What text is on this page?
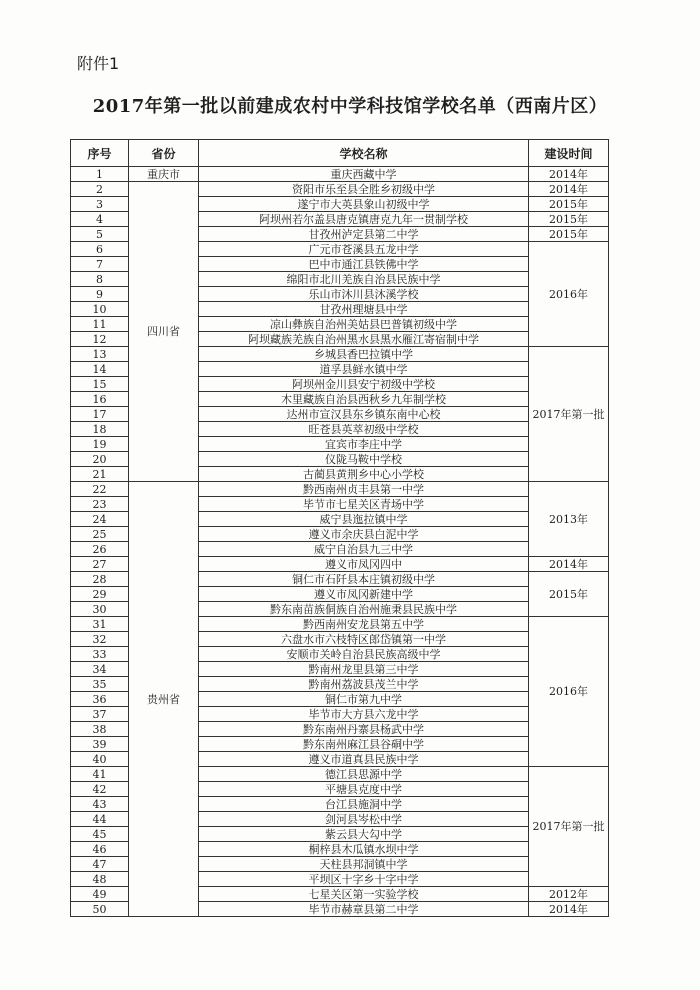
附件1
2017年第一批以前建成农村中学科技馆学校名单（西南片区）
序号	省份	学校名称	建设时间
1	重庆市	重庆西藏中学	2014年
2	四川省	资阳市乐至县全胜乡初级中学	2014年
3		遂宁市大英县象山初级中学	2015年
4		阿坝州若尔盖县唐克镇唐克九年一贯制学校	2015年
5		甘孜州泸定县第二中学	2015年
6		广元市苍溪县五龙中学	2016年
7		巴中市通江县铁佛中学	
8		绵阳市北川羌族自治县民族中学	
9		乐山市沐川县沐溪学校	
10		甘孜州理塘县中学	
11		凉山彝族自治州美姑县巴普镇初级中学	
12		阿坝藏族羌族自治州黑水县黑水雁江寄宿制中学	
13		乡城县香巴拉镇中学	2017年第一批
14		道孚县鲜水镇中学	
15		阿坝州金川县安宁初级中学校	
16		木里藏族自治县西秋乡九年制学校	
17		达州市宣汉县东乡镇东南中心校	
18		旺苍县英萃初级中学校	
19		宜宾市李庄中学	
20		仪陇马鞍中学校	
21		古蔺县黄荆乡中心小学校	
22	贵州省	黔西南州贞丰县第一中学	2013年
23		毕节市七星关区青场中学	
24		威宁县迤拉镇中学	
25		遵义市余庆县白泥中学	
26		威宁自治县九三中学	
27		遵义市凤冈四中	2014年
28		铜仁市石阡县本庄镇初级中学	2015年
29		遵义市凤冈新建中学	
30		黔东南苗族侗族自治州施秉县民族中学	
31		黔西南州安龙县第五中学	2016年
32		六盘水市六枝特区郎岱镇第一中学	
33		安顺市关岭自治县民族高级中学	
34		黔南州龙里县第三中学	
35		黔南州荔波县茂兰中学	
36		铜仁市第九中学	
37		毕节市大方县六龙中学	
38		黔东南州丹寨县杨武中学	
39		黔东南州麻江县谷硐中学	
40		遵义市道真县民族中学	
41		德江县思源中学	2017年第一批
42		平塘县克度中学	
43		台江县施洞中学	
44		剑河县岑松中学	
45		紫云县大勾中学	
46		桐梓县木瓜镇水坝中学	
47		天柱县邦洞镇中学	
48		平坝区十字乡十字中学	
49		七星关区第一实验学校	2012年
50		毕节市赫章县第二中学	2014年
